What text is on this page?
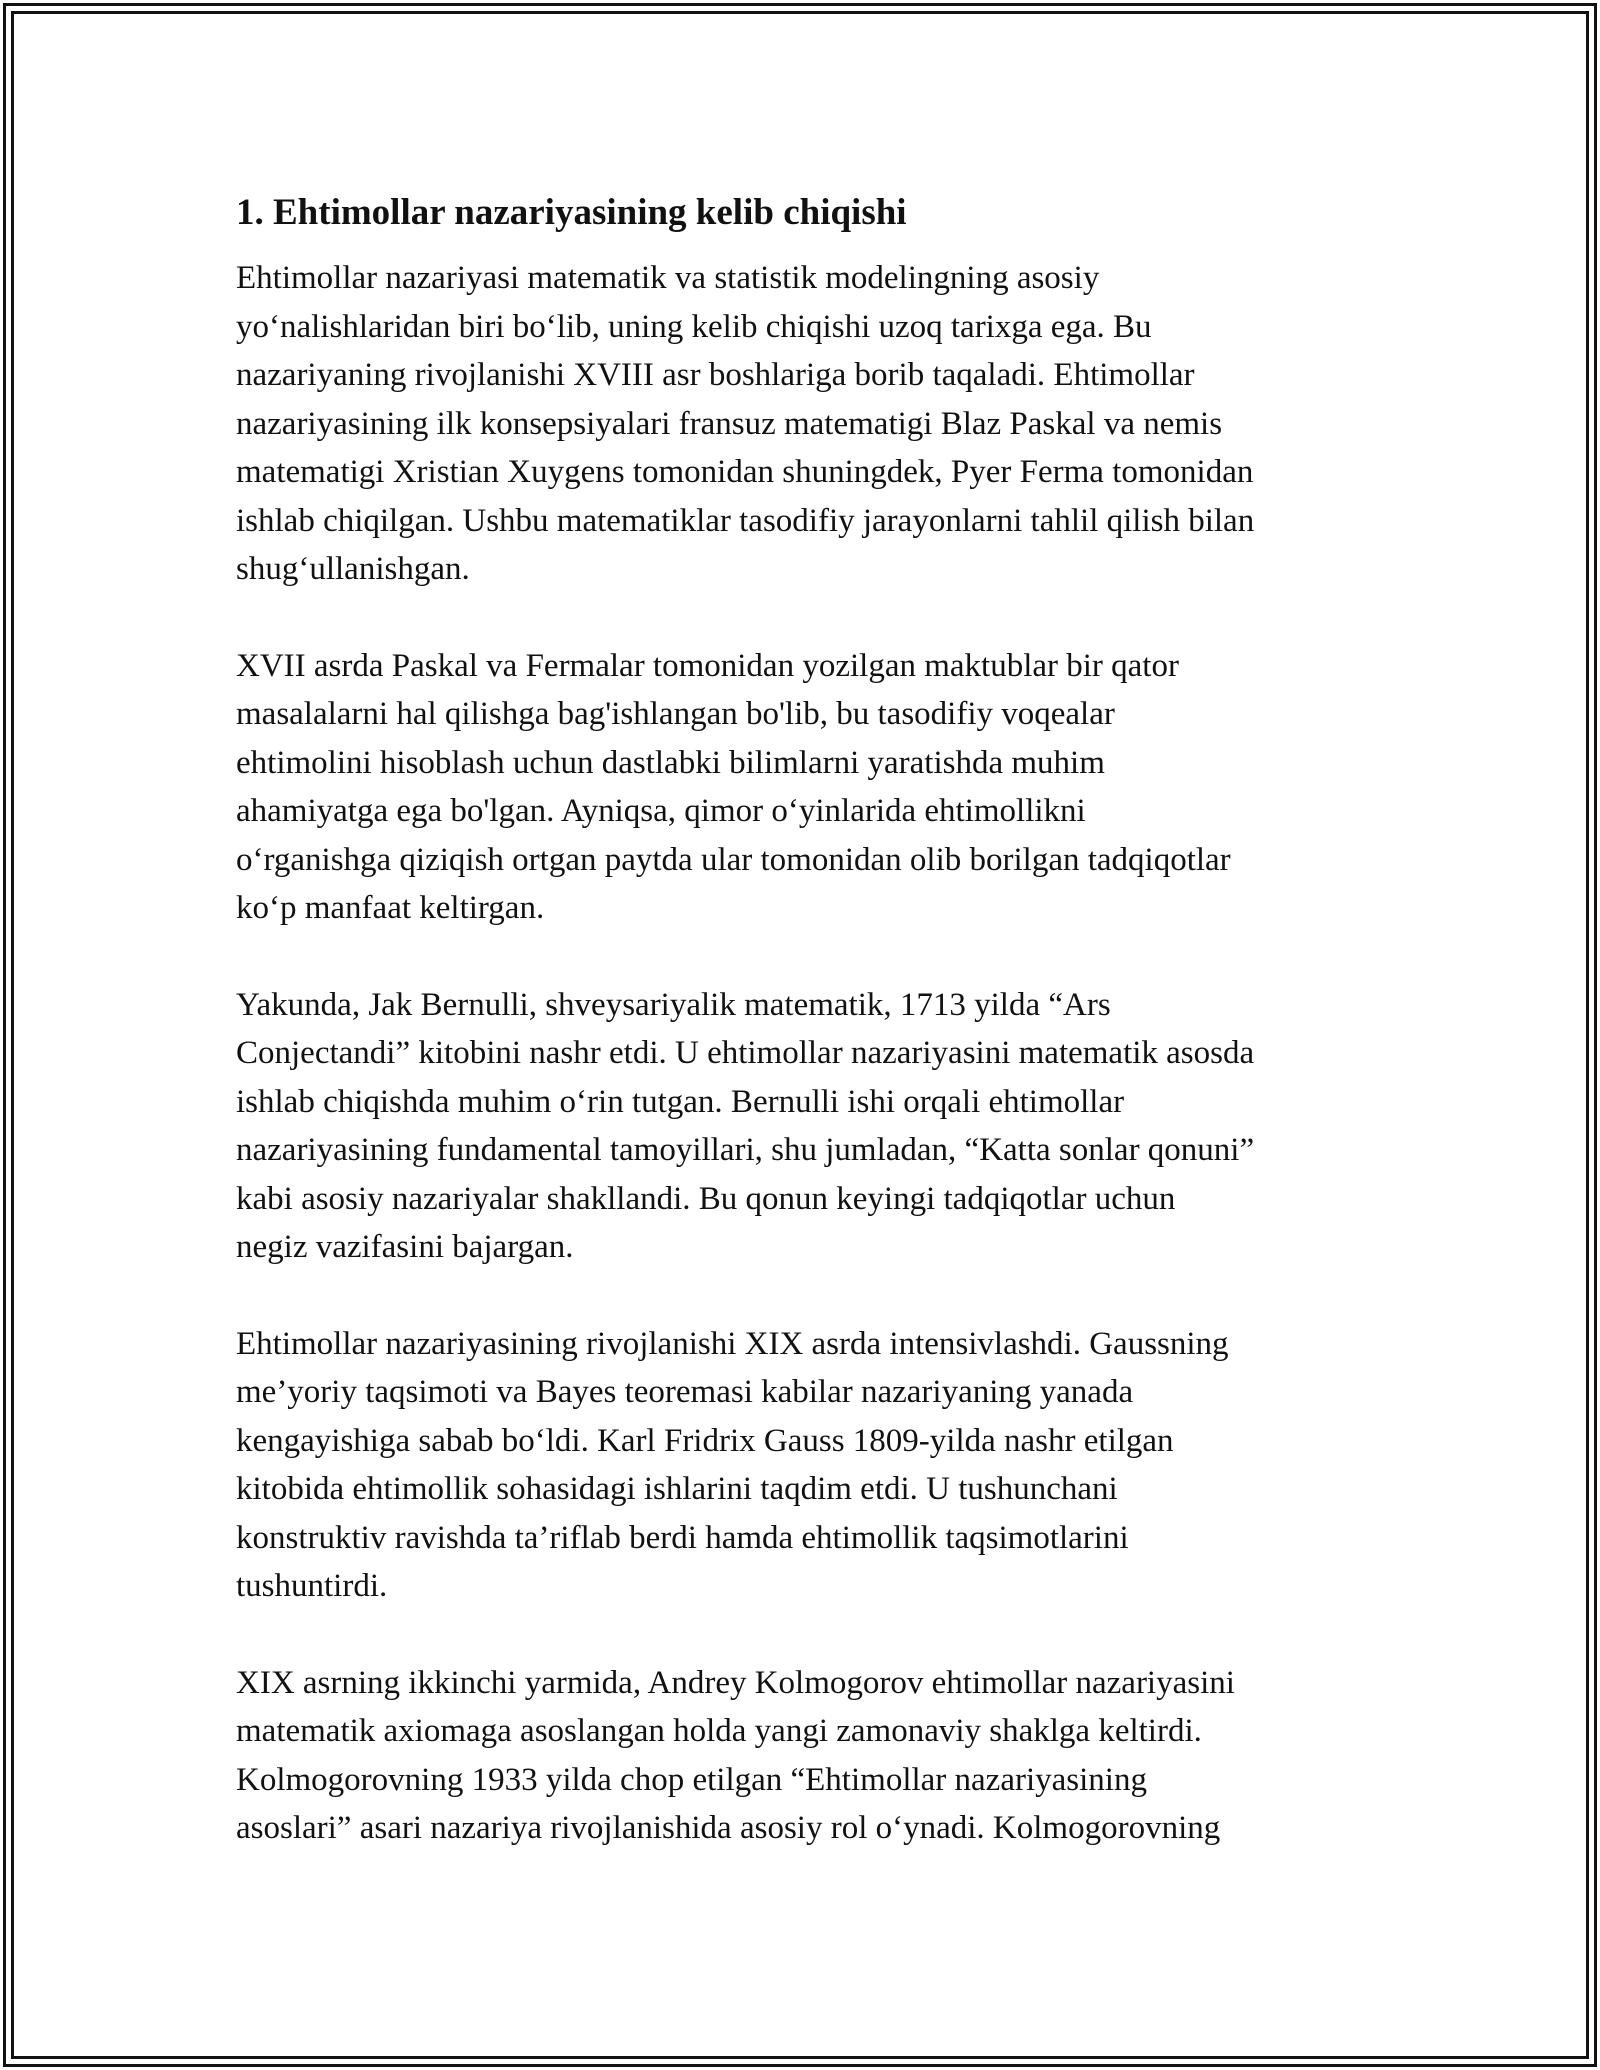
1. Ehtimollar nazariyasining kelib chiqishi
Ehtimollar nazariyasi matematik va statistik modelingning asosiy
yo‘nalishlaridan biri bo‘lib, uning kelib chiqishi uzoq tarixga ega. Bu
nazariyaning rivojlanishi XVIII asr boshlariga borib taqaladi. Ehtimollar
nazariyasining ilk konsepsiyalari fransuz matematigi Blaz Paskal va nemis
matematigi Xristian Xuygens tomonidan shuningdek, Pyer Ferma tomonidan
ishlab chiqilgan. Ushbu matematiklar tasodifiy jarayonlarni tahlil qilish bilan
shug‘ullanishgan.
XVII asrda Paskal va Fermalar tomonidan yozilgan maktublar bir qator
masalalarni hal qilishga bag'ishlangan bo'lib, bu tasodifiy voqealar
ehtimolini hisoblash uchun dastlabki bilimlarni yaratishda muhim
ahamiyatga ega bo'lgan. Ayniqsa, qimor o‘yinlarida ehtimollikni
o‘rganishga qiziqish ortgan paytda ular tomonidan olib borilgan tadqiqotlar
ko‘p manfaat keltirgan.
Yakunda, Jak Bernulli, shveysariyalik matematik, 1713 yilda “Ars
Conjectandi” kitobini nashr etdi. U ehtimollar nazariyasini matematik asosda
ishlab chiqishda muhim o‘rin tutgan. Bernulli ishi orqali ehtimollar
nazariyasining fundamental tamoyillari, shu jumladan, “Katta sonlar qonuni”
kabi asosiy nazariyalar shakllandi. Bu qonun keyingi tadqiqotlar uchun
negiz vazifasini bajargan.
Ehtimollar nazariyasining rivojlanishi XIX asrda intensivlashdi. Gaussning
me’yoriy taqsimoti va Bayes teoremasi kabilar nazariyaning yanada
kengayishiga sabab bo‘ldi. Karl Fridrix Gauss 1809-yilda nashr etilgan
kitobida ehtimollik sohasidagi ishlarini taqdim etdi. U tushunchani
konstruktiv ravishda ta’riflab berdi hamda ehtimollik taqsimotlarini
tushuntirdi.
XIX asrning ikkinchi yarmida, Andrey Kolmogorov ehtimollar nazariyasini
matematik axiomaga asoslangan holda yangi zamonaviy shaklga keltirdi.
Kolmogorovning 1933 yilda chop etilgan “Ehtimollar nazariyasining
asoslari” asari nazariya rivojlanishida asosiy rol o‘ynadi. Kolmogorovning
